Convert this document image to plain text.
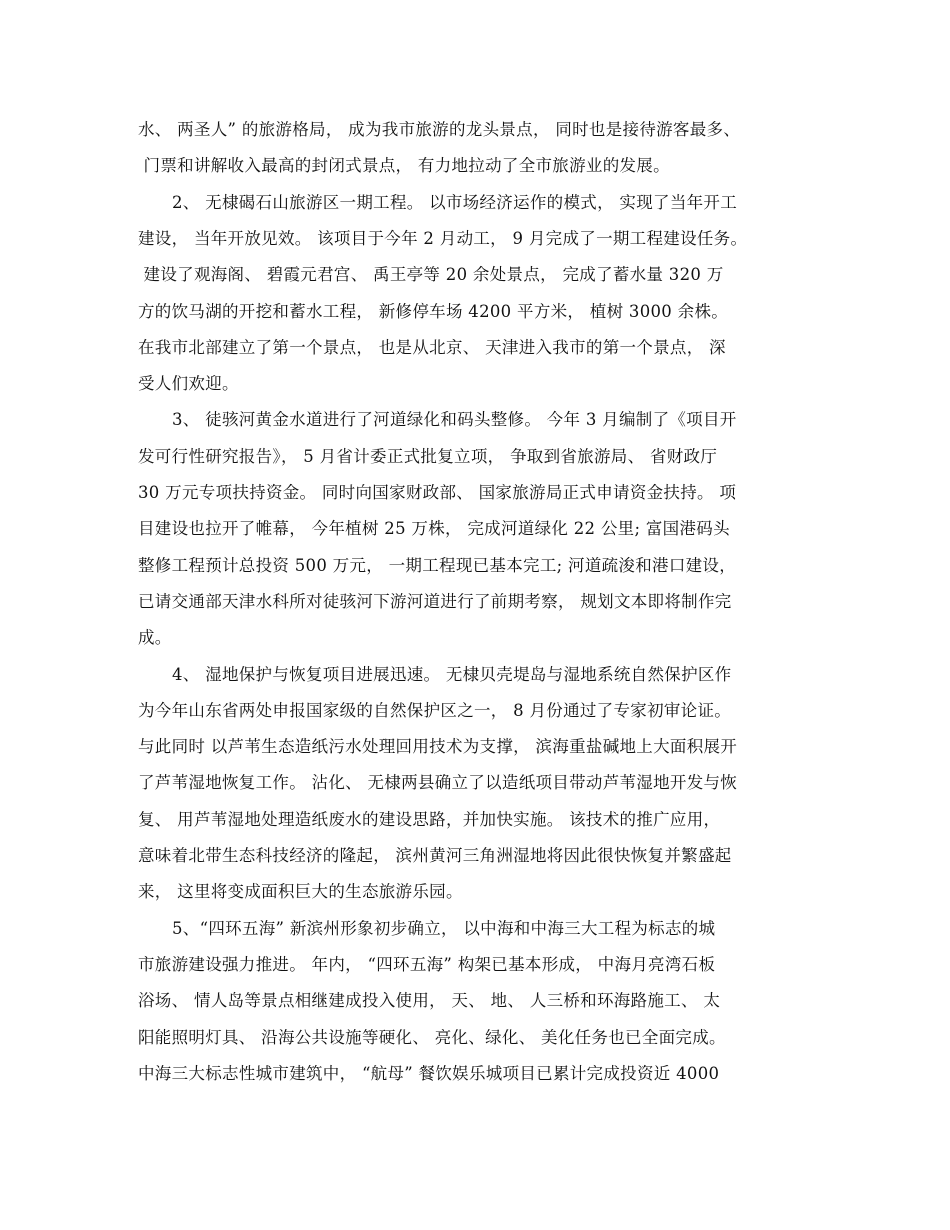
水、 两圣人” 的旅游格局， 成为我市旅游的龙头景点， 同时也是接待游客最多、
门票和讲解收入最高的封闭式景点， 有力地拉动了全市旅游业的发展。
2、 无棣碣石山旅游区一期工程。 以市场经济运作的模式， 实现了当年开工
建设， 当年开放见效。 该项目于今年 2 月动工， 9 月完成了一期工程建设任务。
建设了观海阁、 碧霞元君宫、 禹王亭等 20 余处景点， 完成了蓄水量 320 万
方的饮马湖的开挖和蓄水工程， 新修停车场 4200 平方米， 植树 3000 余株。
在我市北部建立了第一个景点， 也是从北京、 天津进入我市的第一个景点， 深
受人们欢迎。
3、 徒骇河黄金水道进行了河道绿化和码头整修。 今年 3 月编制了《项目开
发可行性研究报告》， 5 月省计委正式批复立项， 争取到省旅游局、 省财政厅
30 万元专项扶持资金。 同时向国家财政部、 国家旅游局正式申请资金扶持。 项
目建设也拉开了帷幕， 今年植树 25 万株， 完成河道绿化 22 公里; 富国港码头
整修工程预计总投资 500 万元， 一期工程现已基本完工; 河道疏浚和港口建设，
已请交通部天津水科所对徒骇河下游河道进行了前期考察， 规划文本即将制作完
成。
4、 湿地保护与恢复项目进展迅速。 无棣贝壳堤岛与湿地系统自然保护区作
为今年山东省两处申报国家级的自然保护区之一， 8 月份通过了专家初审论证。
与此同时 以芦苇生态造纸污水处理回用技术为支撑， 滨海重盐碱地上大面积展开
了芦苇湿地恢复工作。 沾化、 无棣两县确立了以造纸项目带动芦苇湿地开发与恢
复、 用芦苇湿地处理造纸废水的建设思路，并加快实施。 该技术的推广应用，
意味着北带生态科技经济的隆起， 滨州黄河三角洲湿地将因此很快恢复并繁盛起
来， 这里将变成面积巨大的生态旅游乐园。
5、“四环五海” 新滨州形象初步确立， 以中海和中海三大工程为标志的城
市旅游建设强力推进。 年内， “四环五海” 构架已基本形成， 中海月亮湾石板
浴场、 情人岛等景点相继建成投入使用， 天、 地、 人三桥和环海路施工、 太
阳能照明灯具、 沿海公共设施等硬化、 亮化、绿化、 美化任务也已全面完成。
中海三大标志性城市建筑中， “航母” 餐饮娱乐城项目已累计完成投资近 4000
